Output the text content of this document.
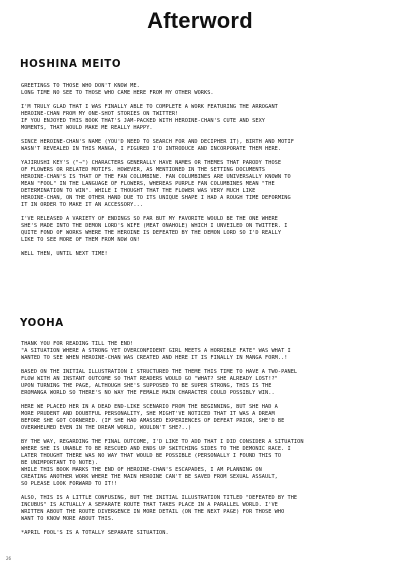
Afterword
HOSHINA MEITO
GREETINGS TO THOSE WHO DON'T KNOW ME.
LONG TIME NO SEE TO THOSE WHO CAME HERE FROM MY OTHER WORKS.
I'M TRULY GLAD THAT I WAS FINALLY ABLE TO COMPLETE A WORK FEATURING THE ARROGANT
HEROINE-CHAN FROM MY ONE-SHOT STORIES ON TWITTER!
IF YOU ENJOYED THIS BOOK THAT'S JAM-PACKED WITH HEROINE-CHAN'S CUTE AND SEXY
MOMENTS, THAT WOULD MAKE ME REALLY HAPPY.
SINCE HEROINE-CHAN'S NAME (YOU'D NEED TO SEARCH FOR AND DECIPHER IT), BIRTH AND MOTIF
WASN'T REVEALED IN THIS MANGA, I FIGURED I'D INTRODUCE AND INCORPORATE THEM HERE.
YAJIRUSHI KEY'S ("→") CHARACTERS GENERALLY HAVE NAMES OR THEMES THAT PARODY THOSE
OF FLOWERS OR RELATED MOTIFS. HOWEVER, AS MENTIONED IN THE SETTING DOCUMENTS
HEROINE-CHAN'S IS THAT OF THE FAN COLUMBINE. FAN COLUMBINES ARE UNIVERSALLY KNOWN TO
MEAN "FOOL" IN THE LANGUAGE OF FLOWERS, WHEREAS PURPLE FAN COLUMBINES MEAN "THE
DETERMINATION TO WIN". WHILE I THOUGHT THAT THE FLOWER WAS VERY MUCH LIKE
HEROINE-CHAN, ON THE OTHER HAND DUE TO ITS UNIQUE SHAPE I HAD A ROUGH TIME DEFORMING
IT IN ORDER TO MAKE IT AN ACCESSORY...
I'VE RELEASED A VARIETY OF ENDINGS SO FAR BUT MY FAVORITE WOULD BE THE ONE WHERE
SHE'S MADE INTO THE DEMON LORD'S WIFE (MEAT ONAHOLE) WHICH I UNVEILED ON TWITTER. I
QUITE FOND OF WORKS WHERE THE HEROINE IS DEFEATED BY THE DEMON LORD SO I'D REALLY
LIKE TO SEE MORE OF THEM FROM NOW ON!
WELL THEN, UNTIL NEXT TIME!
YOOHA
THANK YOU FOR READING TILL THE END!
"A SITUATION WHERE A STRONG YET OVERCONFIDENT GIRL MEETS A HORRIBLE FATE" WAS WHAT I
WANTED TO SEE WHEN HEROINE-CHAN WAS CREATED AND HERE IT IS FINALLY IN MANGA FORM..!
BASED ON THE INITIAL ILLUSTRATION I STRUCTURED THE THEME THIS TIME TO HAVE A TWO-PANEL
FLOW WITH AN INSTANT OUTCOME SO THAT READERS WOULD GO "WHAT? SHE ALREADY LOST!?"
UPON TURNING THE PAGE, ALTHOUGH SHE'S SUPPOSED TO BE SUPER STRONG, THIS IS THE
EROMANGA WORLD SO THERE'S NO WAY THE FEMALE MAIN CHARACTER COULD POSSIBLY WIN..
HERE WE PLACED HER IN A DEAD END-LIKE SCENARIO FROM THE BEGINNING, BUT SHE HAD A
MORE PRUDENT AND DOUBTFUL PERSONALITY, SHE MIGHT'VE NOTICED THAT IT WAS A DREAM
BEFORE SHE GOT CORNERED. (IF SHE HAD AMASSED EXPERIENCES OF DEFEAT PRIOR, SHE'D BE
OVERWHELMED EVEN IN THE DREAM WORLD, WOULDN'T SHE?..)
BY THE WAY, REGARDING THE FINAL OUTCOME, I'D LIKE TO ADD THAT I DID CONSIDER A SITUATION
WHERE SHE IS UNABLE TO BE RESCUED AND ENDS UP SWITCHING SIDES TO THE DEMONIC RACE. I
LATER THOUGHT THERE WAS NO WAY THAT WOULD BE POSSIBLE (PERSONALLY I FOUND THIS TO
BE UNIMPORTANT TO NOTE).
WHILE THIS BOOK MARKS THE END OF HEROINE-CHAN'S ESCAPADES, I AM PLANNING ON
CREATING ANOTHER WORK WHERE THE MAIN HEROINE CAN'T BE SAVED FROM SEXUAL ASSAULT,
SO PLEASE LOOK FORWARD TO IT!!
ALSO, THIS IS A LITTLE CONFUSING, BUT THE INITIAL ILLUSTRATION TITLED "DEFEATED BY THE
INCUBUS" IS ACTUALLY A SEPARATE ROUTE THAT TAKES PLACE IN A PARALLEL WORLD. I'VE
WRITTEN ABOUT THE ROUTE DIVERGENCE IN MORE DETAIL (ON THE NEXT PAGE) FOR THOSE WHO
WANT TO KNOW MORE ABOUT THIS.
*APRIL FOOL'S IS A TOTALLY SEPARATE SITUATION.
26
